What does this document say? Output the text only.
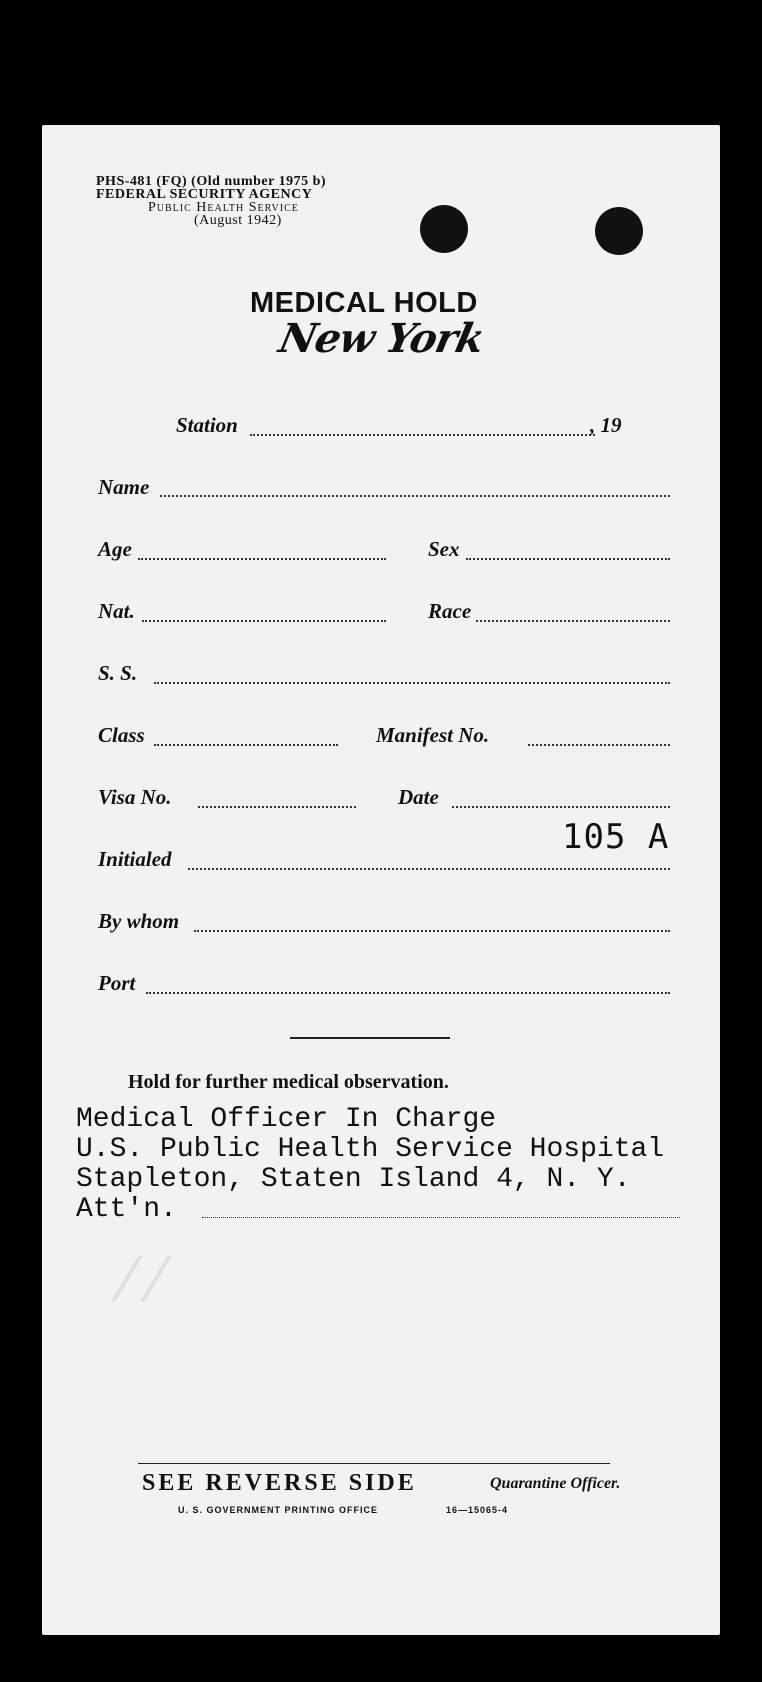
PHS-481 (FQ) (Old number 1975 b)
FEDERAL SECURITY AGENCY
Public Health Service
(August 1942)
MEDICAL HOLD
New York
Station	, 19
Name
Age	Sex
Nat.	Race
S. S.
Class	Manifest No.
Visa No.	Date
105 A
Initialed
By whom
Port
Hold for further medical observation.
Medical Officer In Charge
U.S. Public Health Service Hospital
Stapleton, Staten Island 4, N. Y.
Att'n.
⁄ ⁄
SEE REVERSE SIDE	Quarantine Officer.
U. S. GOVERNMENT PRINTING OFFICE	16—15065-4
